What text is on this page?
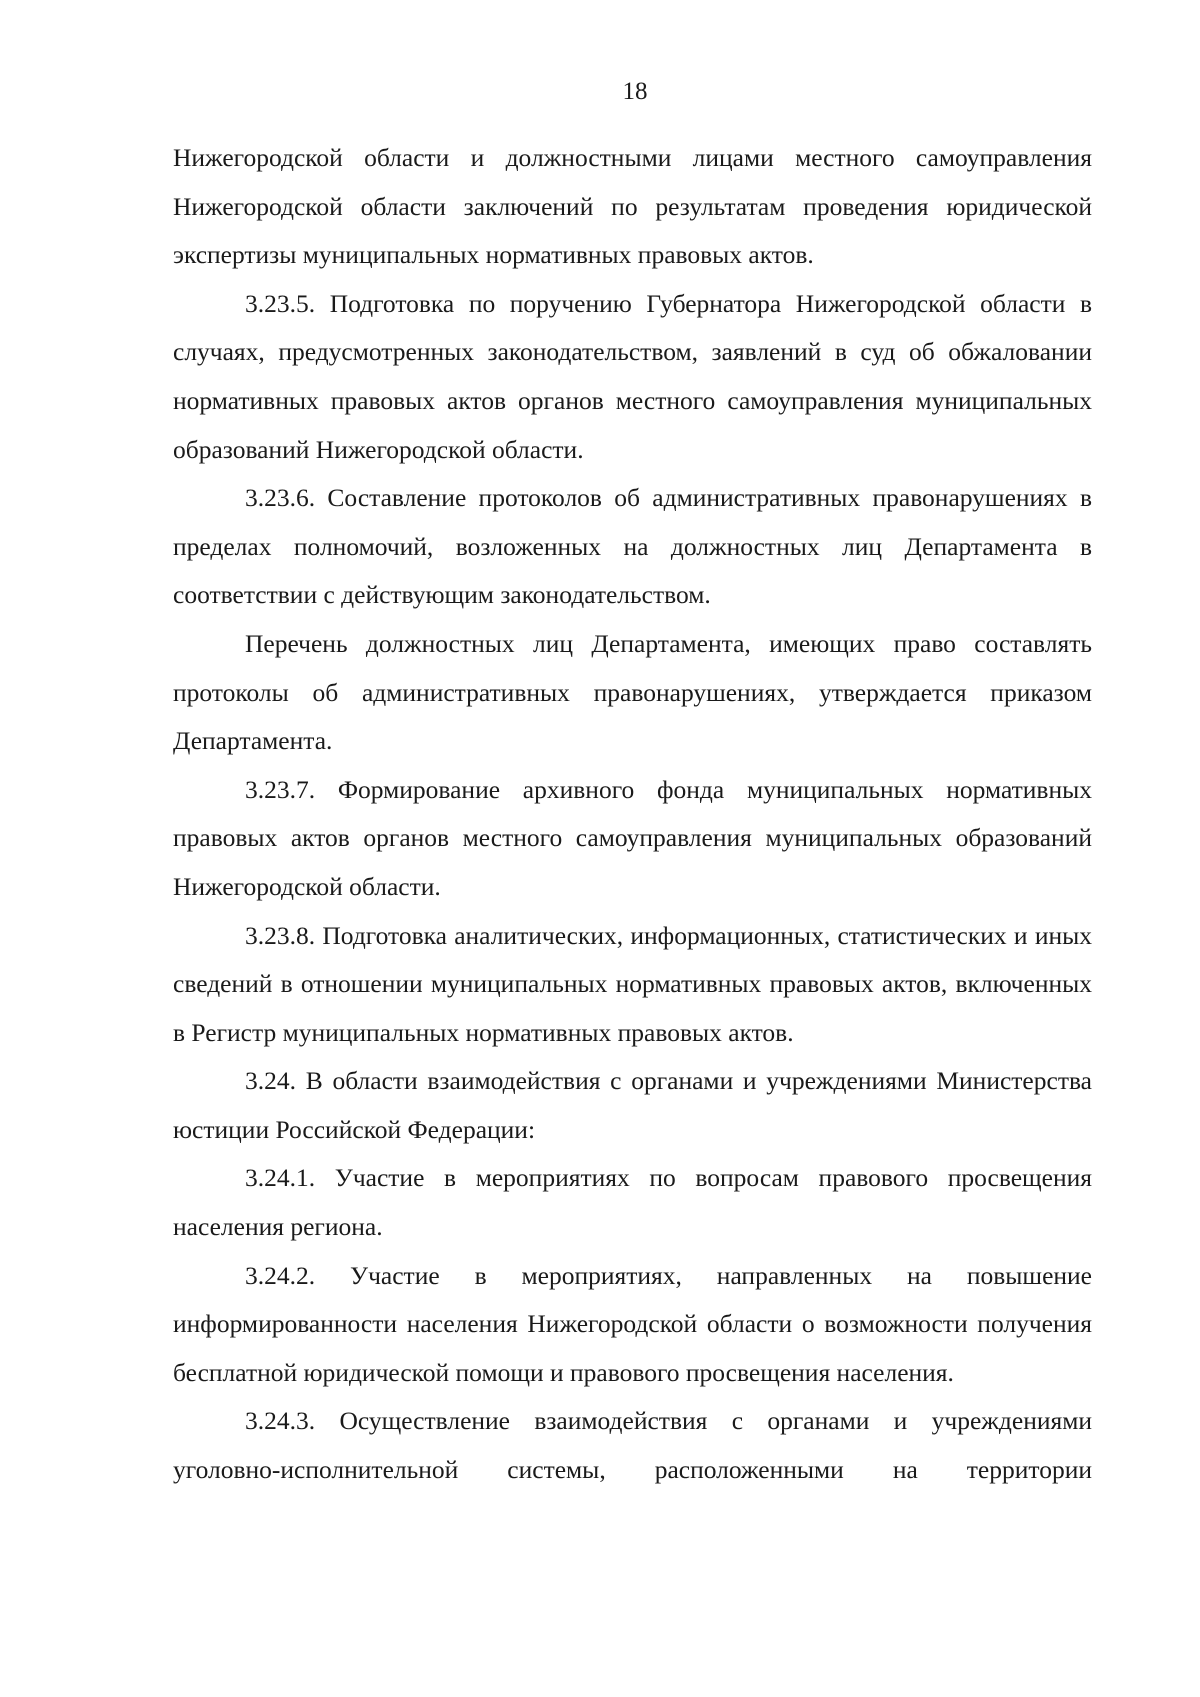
18

Нижегородской области и должностными лицами местного самоуправления Нижегородской области заключений по результатам проведения юридической экспертизы муниципальных нормативных правовых актов.

3.23.5. Подготовка по поручению Губернатора Нижегородской области в случаях, предусмотренных законодательством, заявлений в суд об обжаловании нормативных правовых актов органов местного самоуправления муниципальных образований Нижегородской области.

3.23.6. Составление протоколов об административных правонарушениях в пределах полномочий, возложенных на должностных лиц Департамента в соответствии с действующим законодательством.

Перечень должностных лиц Департамента, имеющих право составлять протоколы об административных правонарушениях, утверждается приказом Департамента.

3.23.7. Формирование архивного фонда муниципальных нормативных правовых актов органов местного самоуправления муниципальных образований Нижегородской области.

3.23.8. Подготовка аналитических, информационных, статистических и иных сведений в отношении муниципальных нормативных правовых актов, включенных в Регистр муниципальных нормативных правовых актов.

3.24. В области взаимодействия с органами и учреждениями Министерства юстиции Российской Федерации:

3.24.1. Участие в мероприятиях по вопросам правового просвещения населения региона.

3.24.2. Участие в мероприятиях, направленных на повышение информированности населения Нижегородской области о возможности получения бесплатной юридической помощи и правового просвещения населения.

3.24.3. Осуществление взаимодействия с органами и учреждениями уголовно-исполнительной системы, расположенными на территории
